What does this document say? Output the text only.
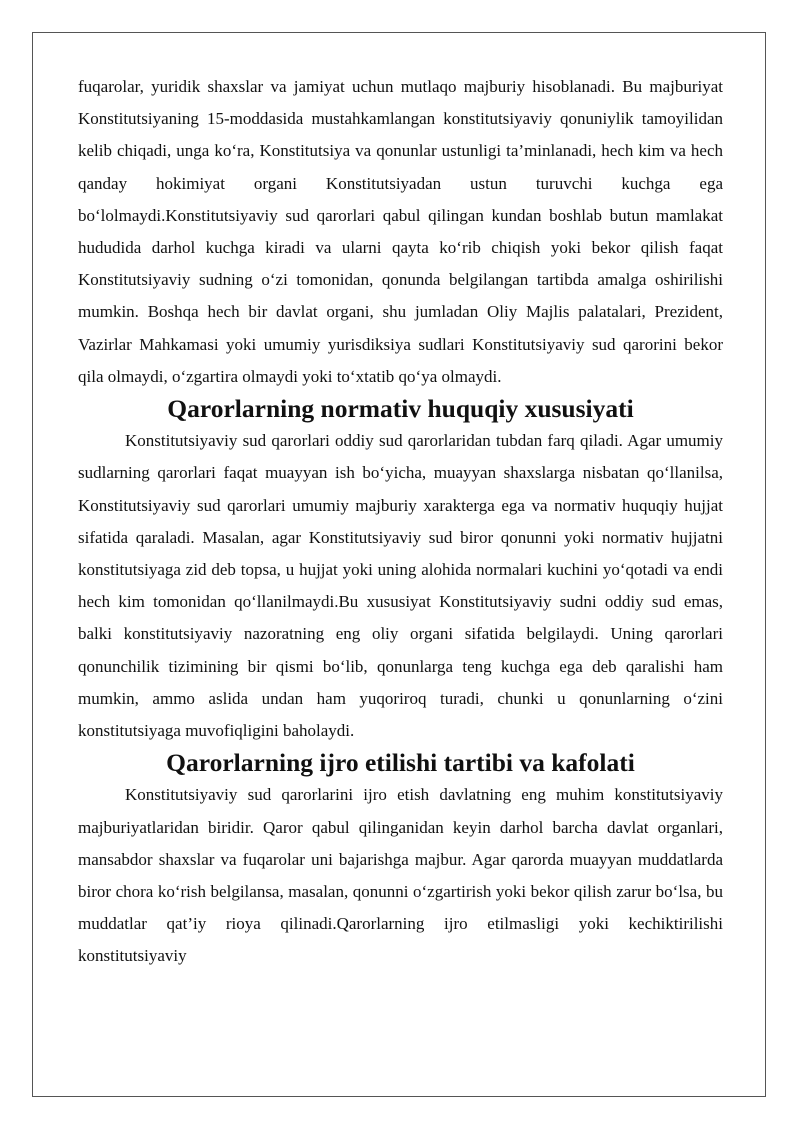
fuqarolar, yuridik shaxslar va jamiyat uchun mutlaqo majburiy hisoblanadi. Bu majburiyat Konstitutsiyaning 15-moddasida mustahkamlangan konstitutsiyaviy qonuniylik tamoyilidan kelib chiqadi, unga ko‘ra, Konstitutsiya va qonunlar ustunligi ta’minlanadi, hech kim va hech qanday hokimiyat organi Konstitutsiyadan ustun turuvchi kuchga ega bo‘lolmaydi.Konstitutsiyaviy sud qarorlari qabul qilingan kundan boshlab butun mamlakat hududida darhol kuchga kiradi va ularni qayta ko‘rib chiqish yoki bekor qilish faqat Konstitutsiyaviy sudning o‘zi tomonidan, qonunda belgilangan tartibda amalga oshirilishi mumkin. Boshqa hech bir davlat organi, shu jumladan Oliy Majlis palatalari, Prezident, Vazirlar Mahkamasi yoki umumiy yurisdiksiya sudlari Konstitutsiyaviy sud qarorini bekor qila olmaydi, o‘zgartira olmaydi yoki to‘xtatib qo‘ya olmaydi.

Qarorlarning normativ huquqiy xususiyati

Konstitutsiyaviy sud qarorlari oddiy sud qarorlaridan tubdan farq qiladi. Agar umumiy sudlarning qarorlari faqat muayyan ish bo‘yicha, muayyan shaxslarga nisbatan qo‘llanilsa, Konstitutsiyaviy sud qarorlari umumiy majburiy xarakterga ega va normativ huquqiy hujjat sifatida qaraladi. Masalan, agar Konstitutsiyaviy sud biror qonunni yoki normativ hujjatni konstitutsiyaga zid deb topsa, u hujjat yoki uning alohida normalari kuchini yo‘qotadi va endi hech kim tomonidan qo‘llanilmaydi.Bu xususiyat Konstitutsiyaviy sudni oddiy sud emas, balki konstitutsiyaviy nazoratning eng oliy organi sifatida belgilaydi. Uning qarorlari qonunchilik tizimining bir qismi bo‘lib, qonunlarga teng kuchga ega deb qaralishi ham mumkin, ammo aslida undan ham yuqoriroq turadi, chunki u qonunlarning o‘zini konstitutsiyaga muvofiqligini baholaydi.

Qarorlarning ijro etilishi tartibi va kafolati

Konstitutsiyaviy sud qarorlarini ijro etish davlatning eng muhim konstitutsiyaviy majburiyatlaridan biridir. Qaror qabul qilinganidan keyin darhol barcha davlat organlari, mansabdor shaxslar va fuqarolar uni bajarishga majbur. Agar qarorda muayyan muddatlarda biror chora ko‘rish belgilansa, masalan, qonunni o‘zgartirish yoki bekor qilish zarur bo‘lsa, bu muddatlar qat’iy rioya qilinadi.Qarorlarning ijro etilmasligi yoki kechiktirilishi konstitutsiyaviy
